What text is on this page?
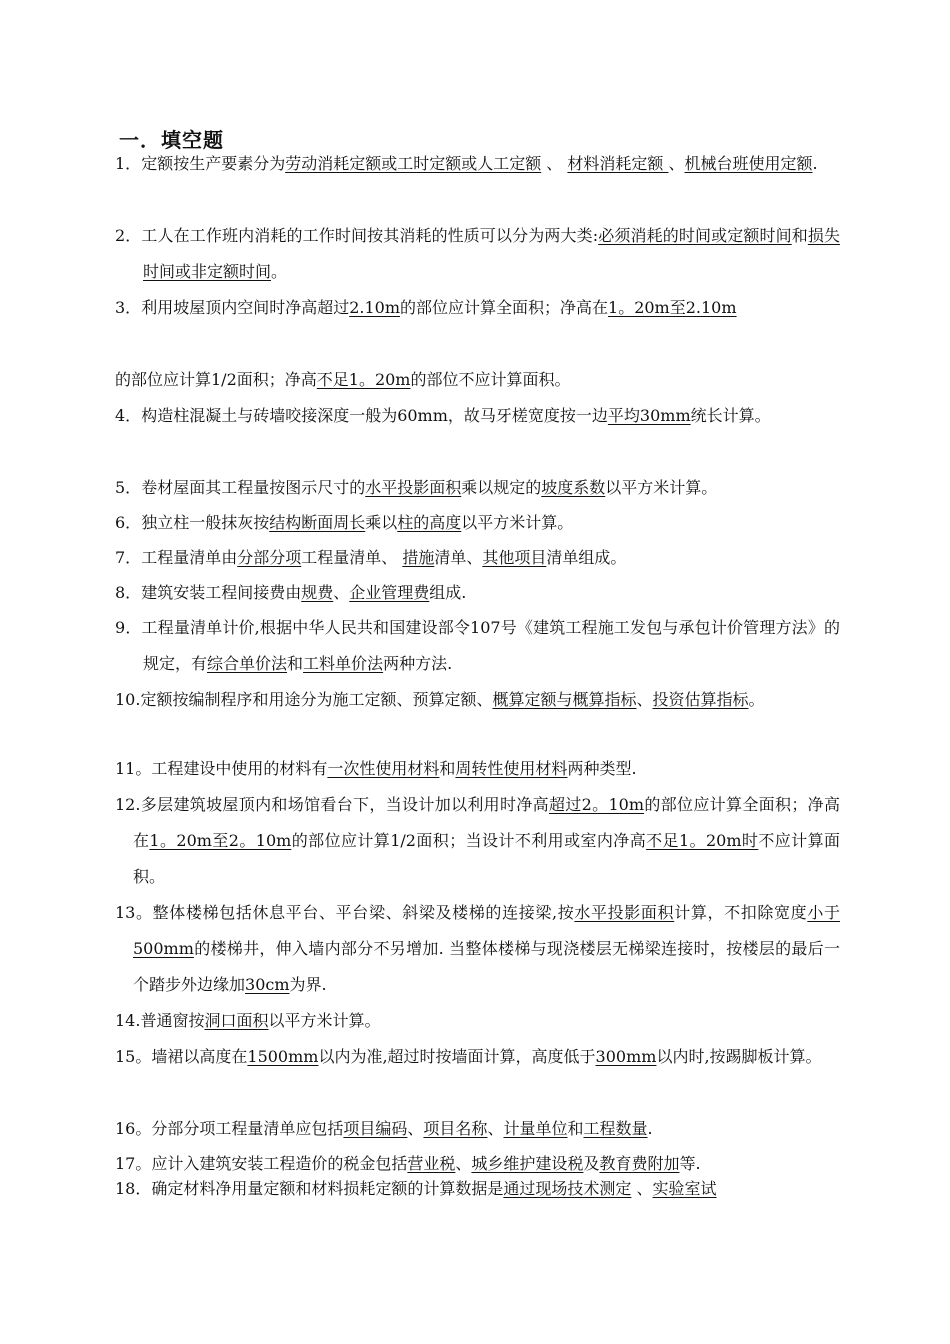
一．填空题

1．定额按生产要素分为劳动消耗定额或工时定额或人工定额 、 材料消耗定额 、机械台班使用定额.

2．工人在工作班内消耗的工作时间按其消耗的性质可以分为两大类:必须消耗的时间或定额时间和损失时间或非定额时间。

3．利用坡屋顶内空间时净高超过2.10m的部位应计算全面积；净高在1。20m至2.10m

的部位应计算1/2面积；净高不足1。20m的部位不应计算面积。

4．构造柱混凝土与砖墙咬接深度一般为60mm，故马牙槎宽度按一边平均30mm统长计算。

5．卷材屋面其工程量按图示尺寸的水平投影面积乘以规定的坡度系数以平方米计算。

6．独立柱一般抹灰按结构断面周长乘以柱的高度以平方米计算。

7．工程量清单由分部分项工程量清单、 措施清单、其他项目清单组成。

8．建筑安装工程间接费由规费、企业管理费组成.

9．工程量清单计价,根据中华人民共和国建设部令107号《建筑工程施工发包与承包计价管理方法》的规定，有综合单价法和工料单价法两种方法.

10.定额按编制程序和用途分为施工定额、预算定额、概算定额与概算指标、投资估算指标。

11。工程建设中使用的材料有一次性使用材料和周转性使用材料两种类型.

12.多层建筑坡屋顶内和场馆看台下，当设计加以利用时净高超过2。10m的部位应计算全面积；净高在1。20m至2。10m的部位应计算1/2面积；当设计不利用或室内净高不足1。20m时不应计算面积。

13。整体楼梯包括休息平台、平台梁、斜梁及楼梯的连接梁,按水平投影面积计算，不扣除宽度小于500mm的楼梯井，伸入墙内部分不另增加. 当整体楼梯与现浇楼层无梯梁连接时，按楼层的最后一个踏步外边缘加30cm为界.

14.普通窗按洞口面积以平方米计算。

15。墙裙以高度在1500mm以内为准,超过时按墙面计算，高度低于300mm以内时,按踢脚板计算。

16。分部分项工程量清单应包括项目编码、项目名称、计量单位和工程数量.

17。应计入建筑安装工程造价的税金包括营业税、城乡维护建设税及教育费附加等.

18．确定材料净用量定额和材料损耗定额的计算数据是通过现场技术测定 、实验室试
